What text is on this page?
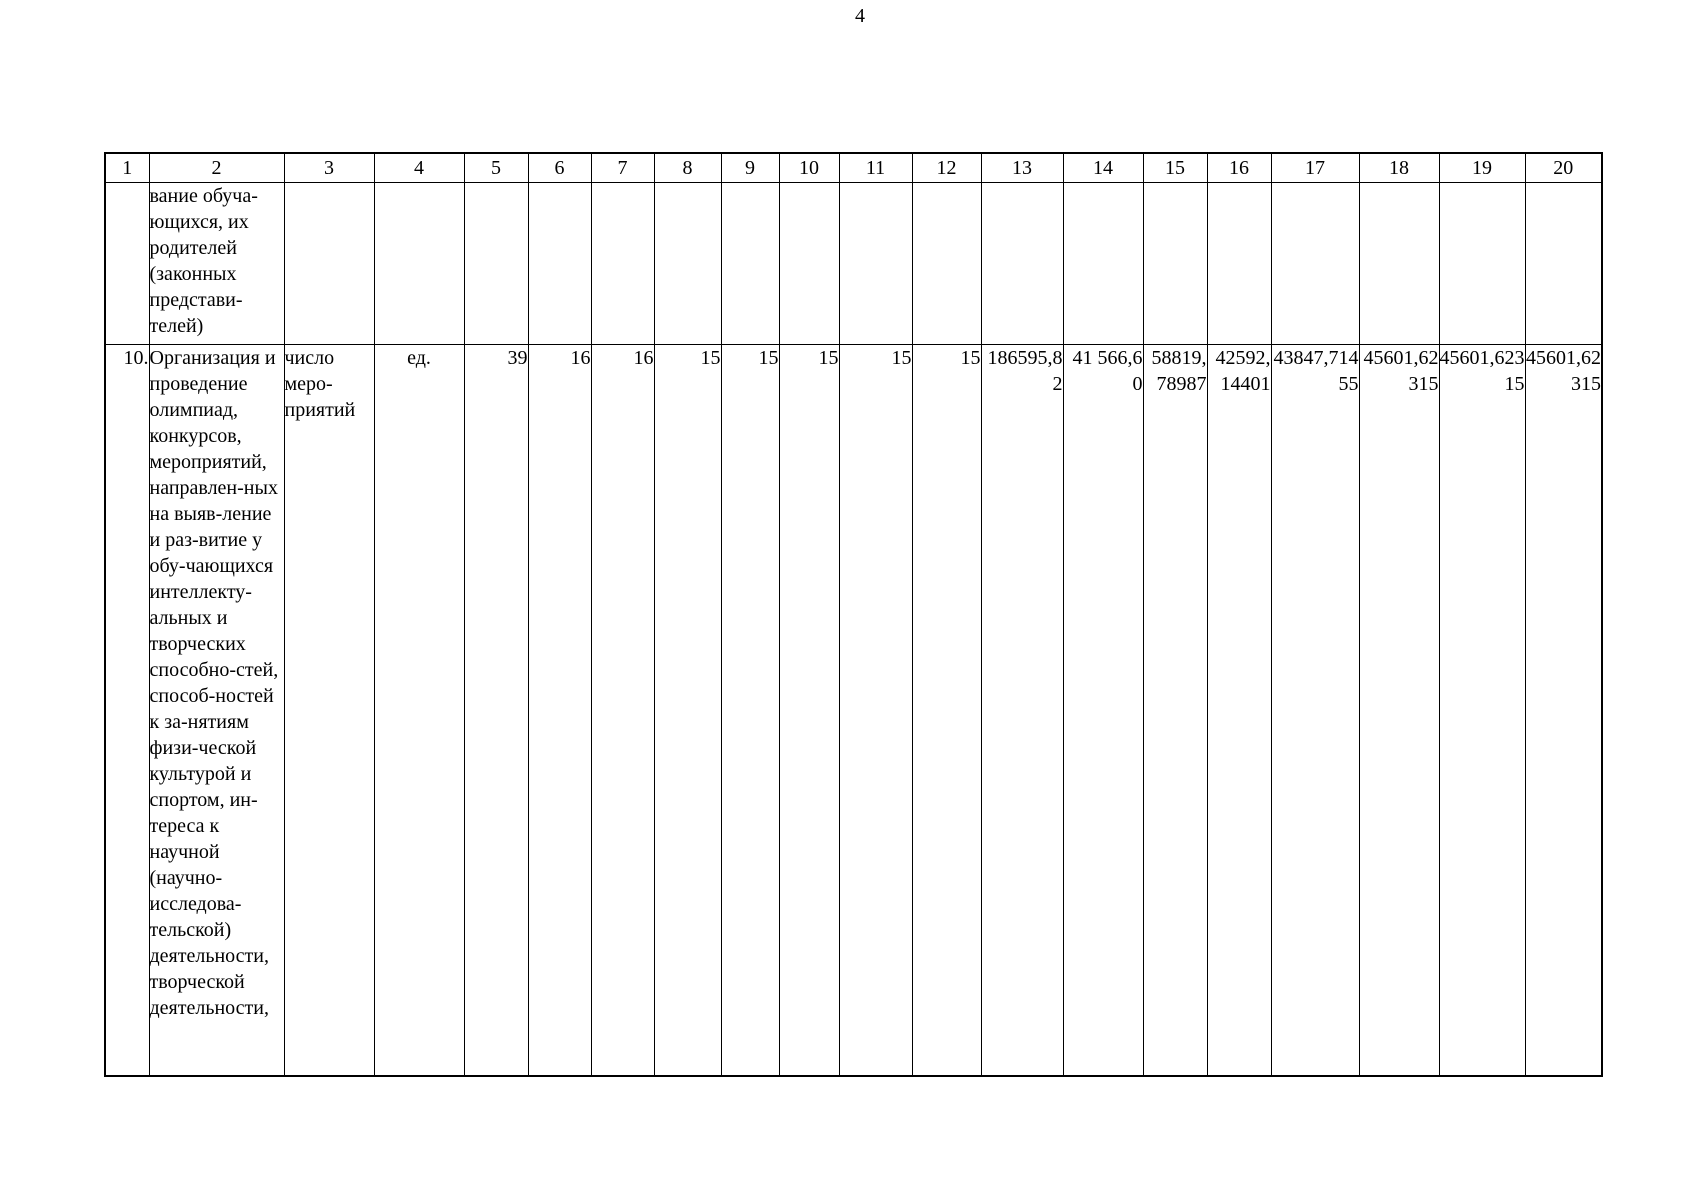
4
1	2	3	4	5	6	7	8	9	10	11	12	13	14	15	16	17	18	19	20
	вание обуча-ющихся, их родителей (законных представи-телей)																		
10.	Организация и проведение олимпиад, конкурсов, мероприятий, направлен-ных на выяв-ление и раз-витие у обу-чающихся интеллекту-альных и творческих способно-стей, способ-ностей к за-нятиям физи-ческой культурой и спортом, ин-тереса к научной (научно-исследова-тельской) деятельности, творческой деятельности,	число меро-приятий	ед.	39	16	16	15	15	15	15	15	186595,82	41 566,60	58819,78987	42592,14401	43847,71455	45601,62315	45601,62315	45601,62315
